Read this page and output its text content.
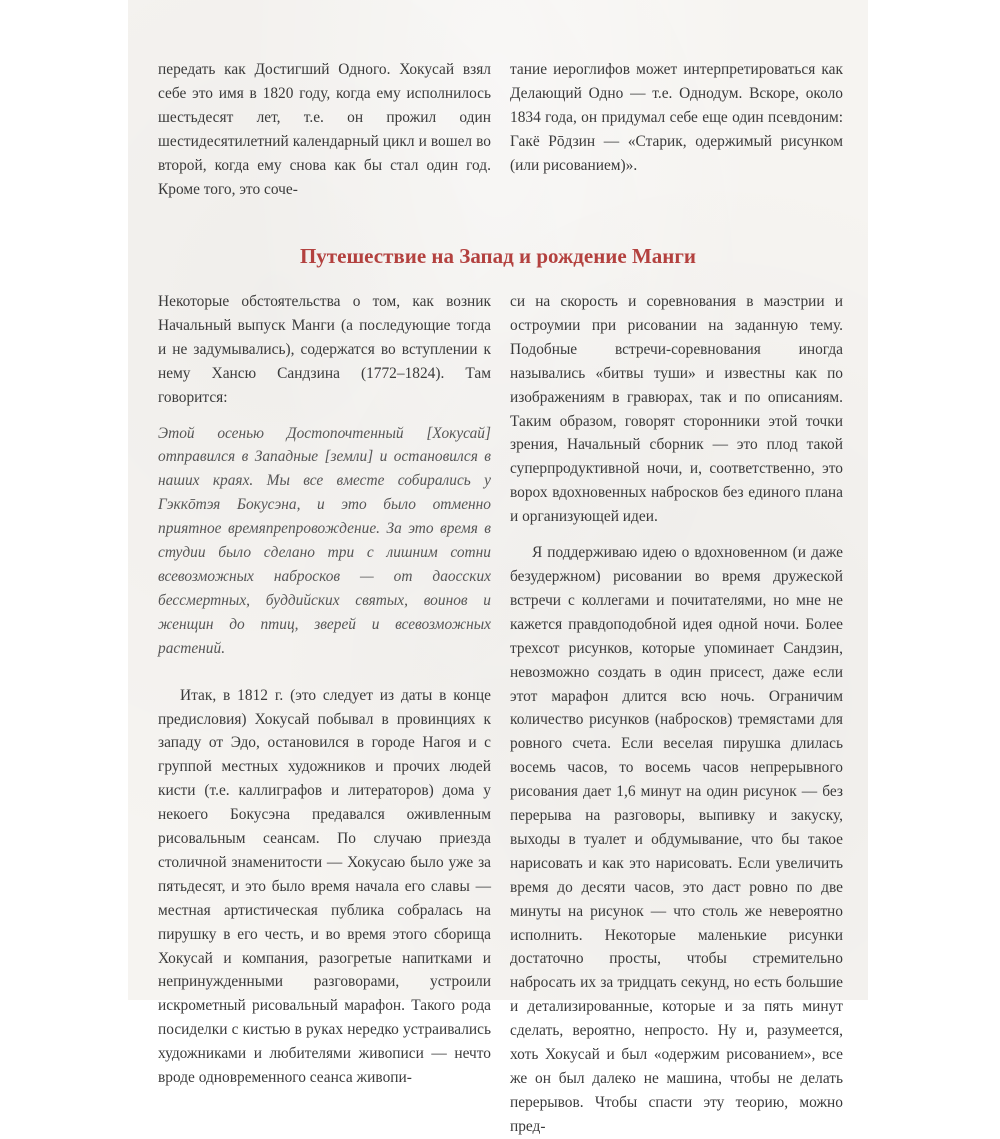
передать как Достигший Одного. Хокусай взял себе это имя в 1820 году, когда ему исполнилось шестьдесят лет, т.е. он прожил один шестидесятилетний календарный цикл и вошел во второй, когда ему снова как бы стал один год. Кроме того, это соче-

тание иероглифов может интерпретироваться как Делающий Одно — т.е. Однодум. Вскоре, около 1834 года, он придумал себе еще один псевдоним: Гакё Рōдзин — «Старик, одержимый рисунком (или рисованием)».

Путешествие на Запад и рождение Манги

Некоторые обстоятельства о том, как возник Начальный выпуск Манги (а последующие тогда и не задумывались), содержатся во вступлении к нему Хансю Сандзина (1772–1824). Там говорится:

Этой осенью Достопочтенный [Хокусай] отправился в Западные [земли] и остановился в наших краях. Мы все вместе собирались у Гэккōтэя Бокусэна, и это было отменно приятное времяпрепровождение. За это время в студии было сделано три с лишним сотни всевозможных набросков — от даосских бессмертных, буддийских святых, воинов и женщин до птиц, зверей и всевозможных растений.

Итак, в 1812 г. (это следует из даты в конце предисловия) Хокусай побывал в провинциях к западу от Эдо, остановился в городе Нагоя и с группой местных художников и прочих людей кисти (т.е. каллиграфов и литераторов) дома у некоего Бокусэна предавался оживленным рисовальным сеансам. По случаю приезда столичной знаменитости — Хокусаю было уже за пятьдесят, и это было время начала его славы — местная артистическая публика собралась на пирушку в его честь, и во время этого сборища Хокусай и компания, разогретые напитками и непринужденными разговорами, устроили искрометный рисовальный марафон. Такого рода посиделки с кистью в руках нередко устраивались художниками и любителями живописи — нечто вроде одновременного сеанса живопи-

си на скорость и соревнования в маэстрии и остроумии при рисовании на заданную тему. Подобные встречи-соревнования иногда назывались «битвы туши» и известны как по изображениям в гравюрах, так и по описаниям. Таким образом, говорят сторонники этой точки зрения, Начальный сборник — это плод такой суперпродуктивной ночи, и, соответственно, это ворох вдохновенных набросков без единого плана и организующей идеи.

Я поддерживаю идею о вдохновенном (и даже безудержном) рисовании во время дружеской встречи с коллегами и почитателями, но мне не кажется правдоподобной идея одной ночи. Более трехсот рисунков, которые упоминает Сандзин, невозможно создать в один присест, даже если этот марафон длится всю ночь. Ограничим количество рисунков (набросков) тремястами для ровного счета. Если веселая пирушка длилась восемь часов, то восемь часов непрерывного рисования дает 1,6 минут на один рисунок — без перерыва на разговоры, выпивку и закуску, выходы в туалет и обдумывание, что бы такое нарисовать и как это нарисовать. Если увеличить время до десяти часов, это даст ровно по две минуты на рисунок — что столь же невероятно исполнить. Некоторые маленькие рисунки достаточно просты, чтобы стремительно набросать их за тридцать секунд, но есть большие и детализированные, которые и за пять минут сделать, вероятно, непросто. Ну и, разумеется, хоть Хокусай и был «одержим рисованием», все же он был далеко не машина, чтобы не делать перерывов. Чтобы спасти эту теорию, можно пред-
